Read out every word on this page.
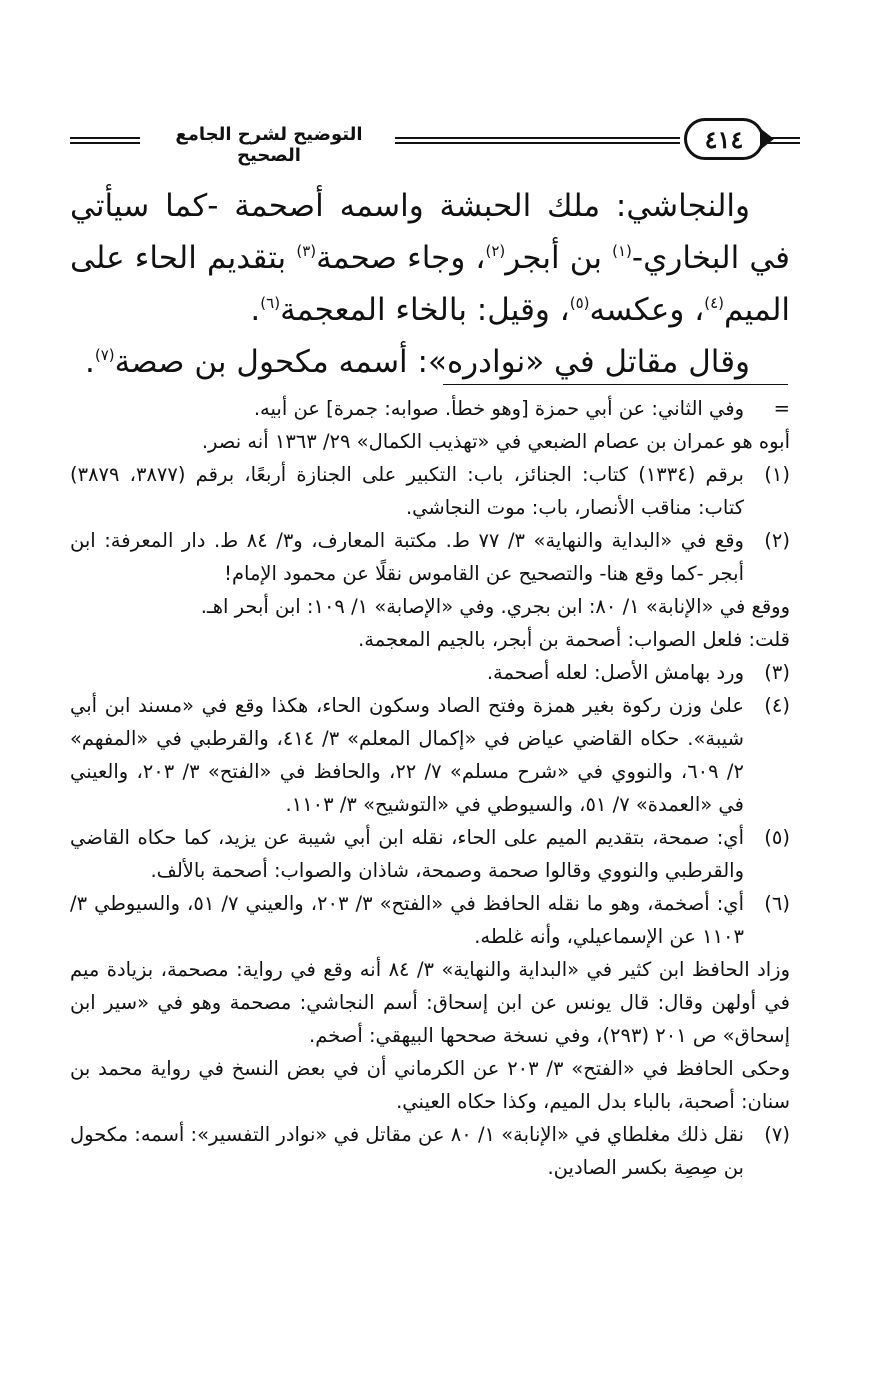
التوضيح لشرح الجامع الصحيح
٤١٤

والنجاشي: ملك الحبشة واسمه أصحمة -كما سيأتي في البخاري-$^{(١)}$ بن أبجر$^{(٢)}$، وجاء صحمة$^{(٣)}$ بتقديم الحاء على الميم$^{(٤)}$، وعكسه$^{(٥)}$، وقيل: بالخاء المعجمة$^{(٦)}$.

وقال مقاتل في «نوادره»: أسمه مكحول بن صصة$^{(٧)}$.

=

وفي الثاني: عن أبي حمزة [وهو خطأ. صوابه: جمرة] عن أبيه.

أبوه هو عمران بن عصام الضبعي في «تهذيب الكمال» ٢٩/ ١٣٦٣ أنه نصر.

(١)

برقم (١٣٣٤) كتاب: الجنائز، باب: التكبير على الجنازة أربعًا، برقم (٣٨٧٧، ٣٨٧٩) كتاب: مناقب الأنصار، باب: موت النجاشي.

(٢)

وقع في «البداية والنهاية» ٣/ ٧٧ ط. مكتبة المعارف، و٣/ ٨٤ ط. دار المعرفة: ابن أبجر -كما وقع هنا- والتصحيح عن القاموس نقلًا عن محمود الإمام!

ووقع في «الإنابة» ١/ ٨٠: ابن بجري. وفي «الإصابة» ١/ ١٠٩: ابن أبحر اهـ.

قلت: فلعل الصواب: أصحمة بن أبجر، بالجيم المعجمة.

(٣)

ورد بهامش الأصل: لعله أصحمة.

(٤)

علىٰ وزن ركوة بغير همزة وفتح الصاد وسكون الحاء، هكذا وقع في «مسند ابن أبي شيبة». حكاه القاضي عياض في «إكمال المعلم» ٣/ ٤١٤، والقرطبي في «المفهم» ٢/ ٦٠٩، والنووي في «شرح مسلم» ٧/ ٢٢، والحافظ في «الفتح» ٣/ ٢٠٣، والعيني في «العمدة» ٧/ ٥١، والسيوطي في «التوشيح» ٣/ ١١٠٣.

(٥)

أي: صمحة، بتقديم الميم على الحاء، نقله ابن أبي شيبة عن يزيد، كما حكاه القاضي والقرطبي والنووي وقالوا صحمة وصمحة، شاذان والصواب: أصحمة بالألف.

(٦)

أي: أصخمة، وهو ما نقله الحافظ في «الفتح» ٣/ ٢٠٣، والعيني ٧/ ٥١، والسيوطي ٣/ ١١٠٣ عن الإسماعيلي، وأنه غلطه.

وزاد الحافظ ابن كثير في «البداية والنهاية» ٣/ ٨٤ أنه وقع في رواية: مصحمة، بزيادة ميم في أولهن وقال: قال يونس عن ابن إسحاق: أسم النجاشي: مصحمة وهو في «سير ابن إسحاق» ص ٢٠١ (٢٩٣)، وفي نسخة صححها البيهقي: أصخم.

وحكى الحافظ في «الفتح» ٣/ ٢٠٣ عن الكرماني أن في بعض النسخ في رواية محمد بن سنان: أصحبة، بالباء بدل الميم، وكذا حكاه العيني.

(٧)

نقل ذلك مغلطاي في «الإنابة» ١/ ٨٠ عن مقاتل في «نوادر التفسير»: أسمه: مكحول بن صِصِة بكسر الصادين.
